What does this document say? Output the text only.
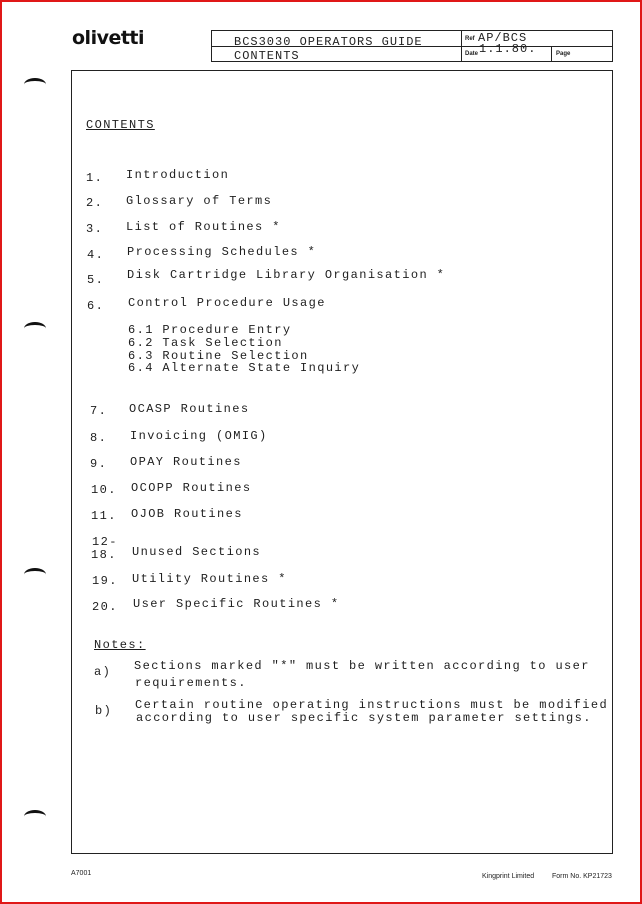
olivetti	BCS3030 OPERATORS GUIDE
CONTENTS
Ref AP/BCS
Date 1.1.80.	Page
CONTENTS
1. Introduction
2. Glossary of Terms
3. List of Routines *
4. Processing Schedules *
5. Disk Cartridge Library Organisation *
6. Control Procedure Usage
6.1 Procedure Entry
6.2 Task Selection
6.3 Routine Selection
6.4 Alternate State Inquiry
7. OCASP Routines
8. Invoicing (OMIG)
9. OPAY Routines
10. OCOPP Routines
11. OJOB Routines
12-
18. Unused Sections
19. Utility Routines *
20. User Specific Routines *
Notes:
a) Sections marked "*" must be written according to user
requirements.
b) Certain routine operating instructions must be modified
according to user specific system parameter settings.
A7001	Kingprint Limited	Form No. KP21723
